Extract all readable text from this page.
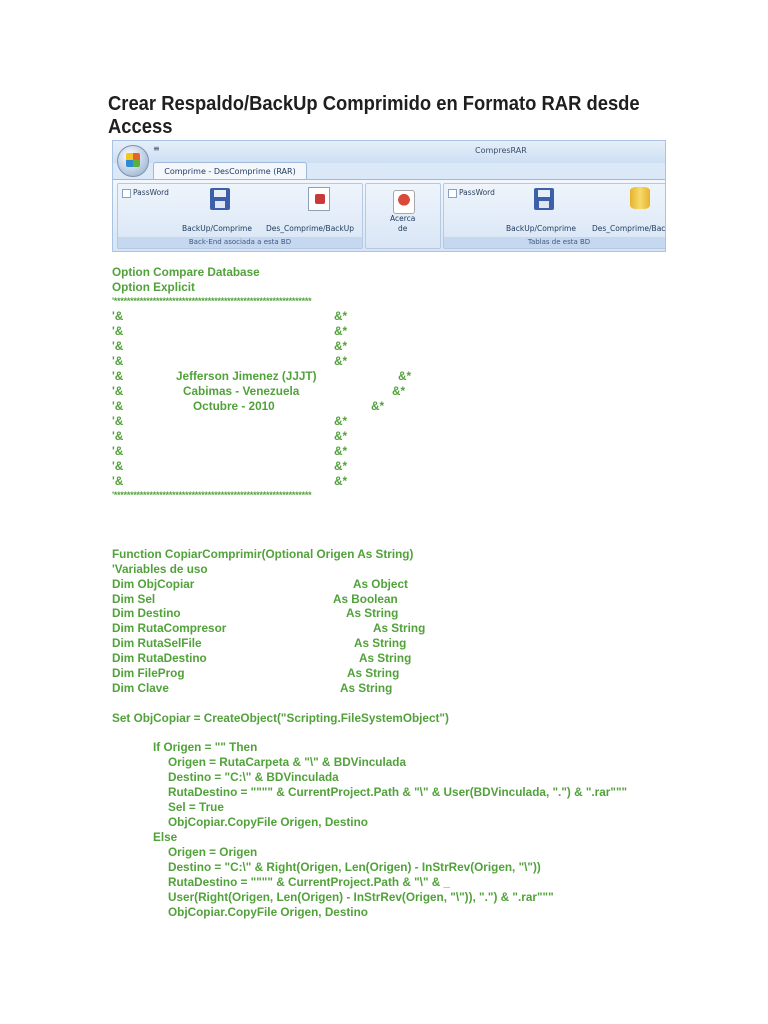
Crear Respaldo/BackUp Comprimido en Formato RAR desde Access
≡	CompresRAR
Comprime - DesComprime (RAR)
PassWord
BackUp/Comprime Des_Comprime/BackUp
Back-End asociada a esta BD
Acerca
de
PassWord
BackUp/Comprime Des_Comprime/Bac
Tablas de esta BD
Option Compare Database
Option Explicit
'*************************************************************
'&	&*
'&	&*
'&	&*
'&	&*
'&	Jefferson Jimenez (JJJT)	&*
'&	Cabimas - Venezuela	&*
'&	Octubre - 2010	&*
'&	&*
'&	&*
'&	&*
'&	&*
'&	&*
'*************************************************************
Function CopiarComprimir(Optional Origen As String)
'Variables de uso
Dim ObjCopiar	As Object
Dim Sel	As Boolean
Dim Destino	As String
Dim RutaCompresor	As String
Dim RutaSelFile	As String
Dim RutaDestino	As String
Dim FileProg	As String
Dim Clave	As String
Set ObjCopiar = CreateObject("Scripting.FileSystemObject")
If Origen = "" Then
Origen = RutaCarpeta & "\" & BDVinculada
Destino = "C:\" & BDVinculada
RutaDestino = """" & CurrentProject.Path & "\" & User(BDVinculada, ".") & ".rar"""
Sel = True
ObjCopiar.CopyFile Origen, Destino
Else
Origen = Origen
Destino = "C:\" & Right(Origen, Len(Origen) - InStrRev(Origen, "\"))
RutaDestino = """" & CurrentProject.Path & "\" & _
User(Right(Origen, Len(Origen) - InStrRev(Origen, "\")), ".") & ".rar"""
ObjCopiar.CopyFile Origen, Destino
